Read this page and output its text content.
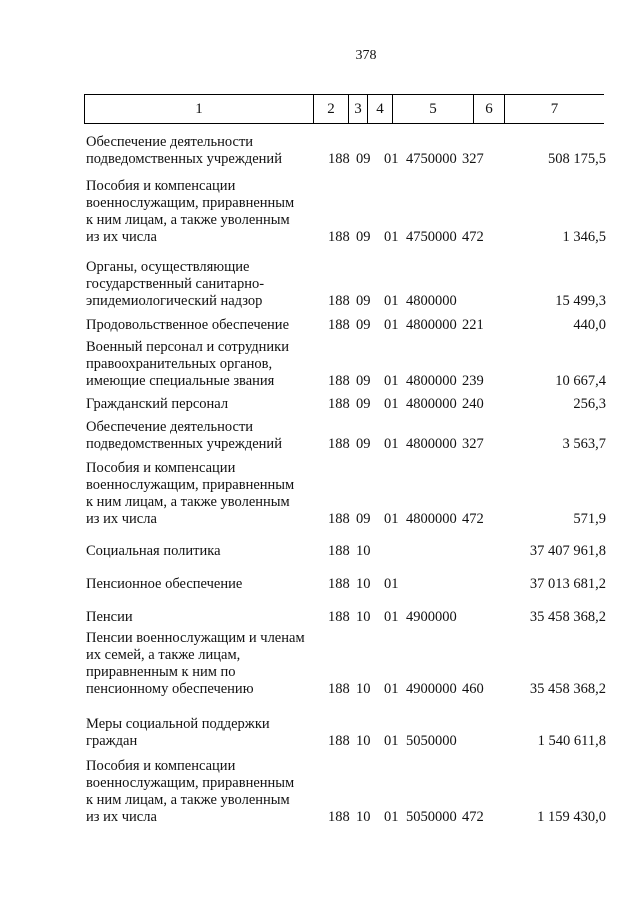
378
1	2	3	4	5	6	7
Обеспечение деятельности
подведомственных учреждений	188 09 01 4750000 327	508 175,5
Пособия и компенсации
военнослужащим, приравненным
к ним лицам, а также уволенным
из их числа	188 09 01 4750000 472	1 346,5
Органы, осуществляющие
государственный санитарно-
эпидемиологический надзор	188 09 01 4800000	15 499,3
Продовольственное обеспечение	188 09 01 4800000 221	440,0
Военный персонал и сотрудники
правоохранительных органов,
имеющие специальные звания	188 09 01 4800000 239	10 667,4
Гражданский персонал	188 09 01 4800000 240	256,3
Обеспечение деятельности
подведомственных учреждений	188 09 01 4800000 327	3 563,7
Пособия и компенсации
военнослужащим, приравненным
к ним лицам, а также уволенным
из их числа	188 09 01 4800000 472	571,9
Социальная политика	188 10	37 407 961,8
Пенсионное обеспечение	188 10 01	37 013 681,2
Пенсии	188 10 01 4900000	35 458 368,2
Пенсии военнослужащим и членам
их семей, а также лицам,
приравненным к ним по
пенсионному обеспечению	188 10 01 4900000 460	35 458 368,2
Меры социальной поддержки
граждан	188 10 01 5050000	1 540 611,8
Пособия и компенсации
военнослужащим, приравненным
к ним лицам, а также уволенным
из их числа	188 10 01 5050000 472	1 159 430,0
